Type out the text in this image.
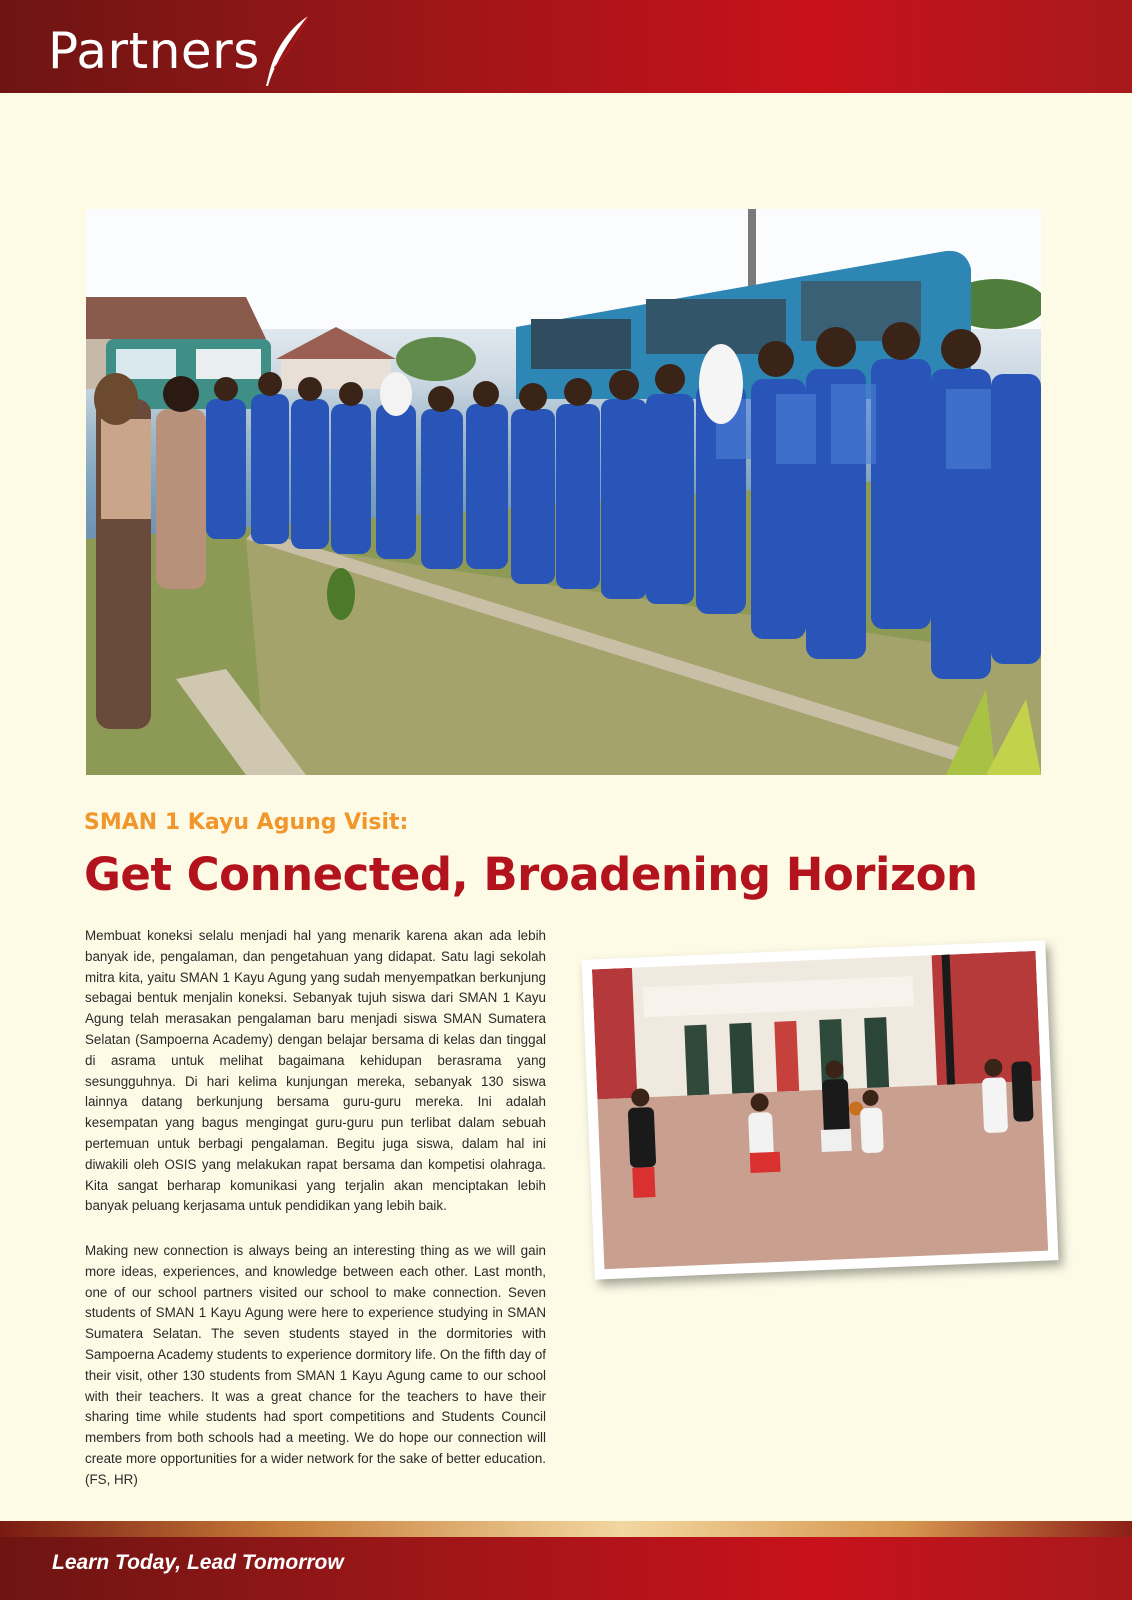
Partners
SMAN 1 Kayu Agung Visit:
Get Connected, Broadening Horizon

Membuat koneksi selalu menjadi hal yang menarik karena akan ada lebih banyak ide, pengalaman, dan pengetahuan yang didapat. Satu lagi sekolah mitra kita, yaitu SMAN 1 Kayu Agung yang sudah menyempatkan berkunjung sebagai bentuk menjalin koneksi. Sebanyak tujuh siswa dari SMAN 1 Kayu Agung telah merasakan pengalaman baru menjadi siswa SMAN Sumatera Selatan (Sampoerna Academy) dengan belajar bersama di kelas dan tinggal di asrama untuk melihat bagaimana kehidupan berasrama yang sesungguhnya. Di hari kelima kunjungan mereka, sebanyak 130 siswa lainnya datang berkunjung bersama guru-guru mereka. Ini adalah kesempatan yang bagus mengingat guru-guru pun terlibat dalam sebuah pertemuan untuk berbagi pengalaman. Begitu juga siswa, dalam hal ini diwakili oleh OSIS yang melakukan rapat bersama dan kompetisi olahraga. Kita sangat berharap komunikasi yang terjalin akan menciptakan lebih banyak peluang kerjasama untuk pendidikan yang lebih baik.

Making new connection is always being an interesting thing as we will gain more ideas, experiences, and knowledge between each other. Last month, one of our school partners visited our school to make connection. Seven students of SMAN 1 Kayu Agung were here to experience studying in SMAN Sumatera Selatan. The seven students stayed in the dormitories with Sampoerna Academy students to experience dormitory life. On the fifth day of their visit, other 130 students from SMAN 1 Kayu Agung came to our school with their teachers. It was a great chance for the teachers to have their sharing time while students had sport competitions and Students Council members from both schools had a meeting. We do hope our connection will create more opportunities for a wider network for the sake of better education.(FS, HR)

Learn Today, Lead Tomorrow
